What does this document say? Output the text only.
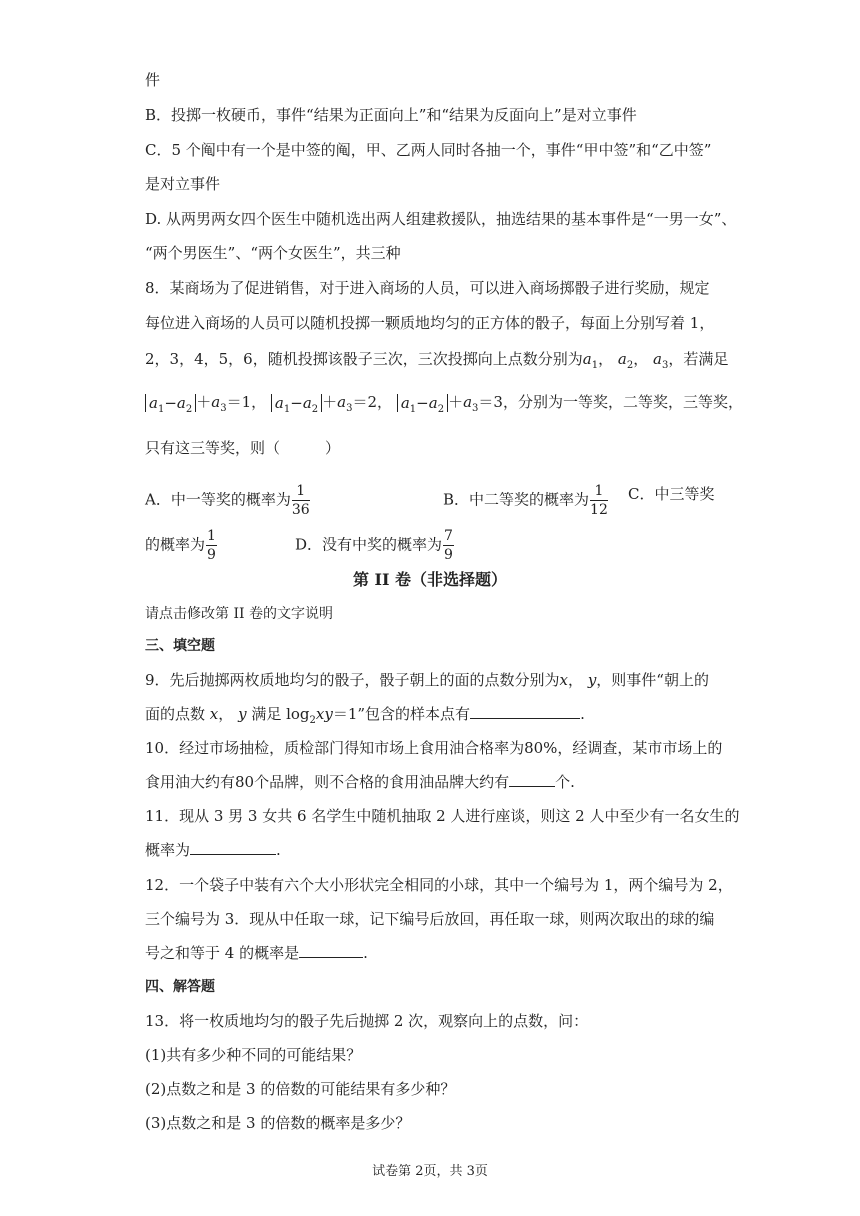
件
B．投掷一枚硬币，事件“结果为正面向上”和“结果为反面向上”是对立事件
C．5 个阄中有一个是中签的阄，甲、乙两人同时各抽一个，事件“甲中签”和“乙中签”
是对立事件
D. 从两男两女四个医生中随机选出两人组建救援队，抽选结果的基本事件是“一男一女”、
“两个男医生”、“两个女医生”，共三种
8．某商场为了促进销售，对于进入商场的人员，可以进入商场掷骰子进行奖励，规定
每位进入商场的人员可以随机投掷一颗质地均匀的正方体的骰子，每面上分别写着 1，
2，3，4，5，6，随机投掷该骰子三次，三次投掷向上点数分别为$a_1$， $a_2$， $a_3$，若满足
$a_1-a_2 +a_3=1$， $a_1-a_2 +a_3=2$， $a_1-a_2 +a_3=3$，分别为一等奖，二等奖，三等奖，
只有这三等奖，则（　　　）
A．中一等奖的概率为 $\frac{1}{36}$	B．中二等奖的概率为 $\frac{1}{12}$ C．中三等奖
的概率为 $\frac{1}{9}$	D．没有中奖的概率为 $\frac{7}{9}$
第 II 卷（非选择题）
请点击修改第 II 卷的文字说明
三、填空题
9．先后抛掷两枚质地均匀的骰子，骰子朝上的面的点数分别为x， y，则事件“朝上的
面的点数 x， y 满足 $\log_2xy=1$”包含的样本点有	.
10．经过市场抽检，质检部门得知市场上食用油合格率为80%，经调查，某市市场上的
食用油大约有80个品牌，则不合格的食用油品牌大约有	个.
11．现从 3 男 3 女共 6 名学生中随机抽取 2 人进行座谈，则这 2 人中至少有一名女生的
概率为	.
12．一个袋子中装有六个大小形状完全相同的小球，其中一个编号为 1，两个编号为 2，
三个编号为 3．现从中任取一球，记下编号后放回，再任取一球，则两次取出的球的编
号之和等于 4 的概率是	.
四、解答题
13．将一枚质地均匀的骰子先后抛掷 2 次，观察向上的点数，问：
(1)共有多少种不同的可能结果？
(2)点数之和是 3 的倍数的可能结果有多少种？
(3)点数之和是 3 的倍数的概率是多少？
试卷第 2页，共 3页
